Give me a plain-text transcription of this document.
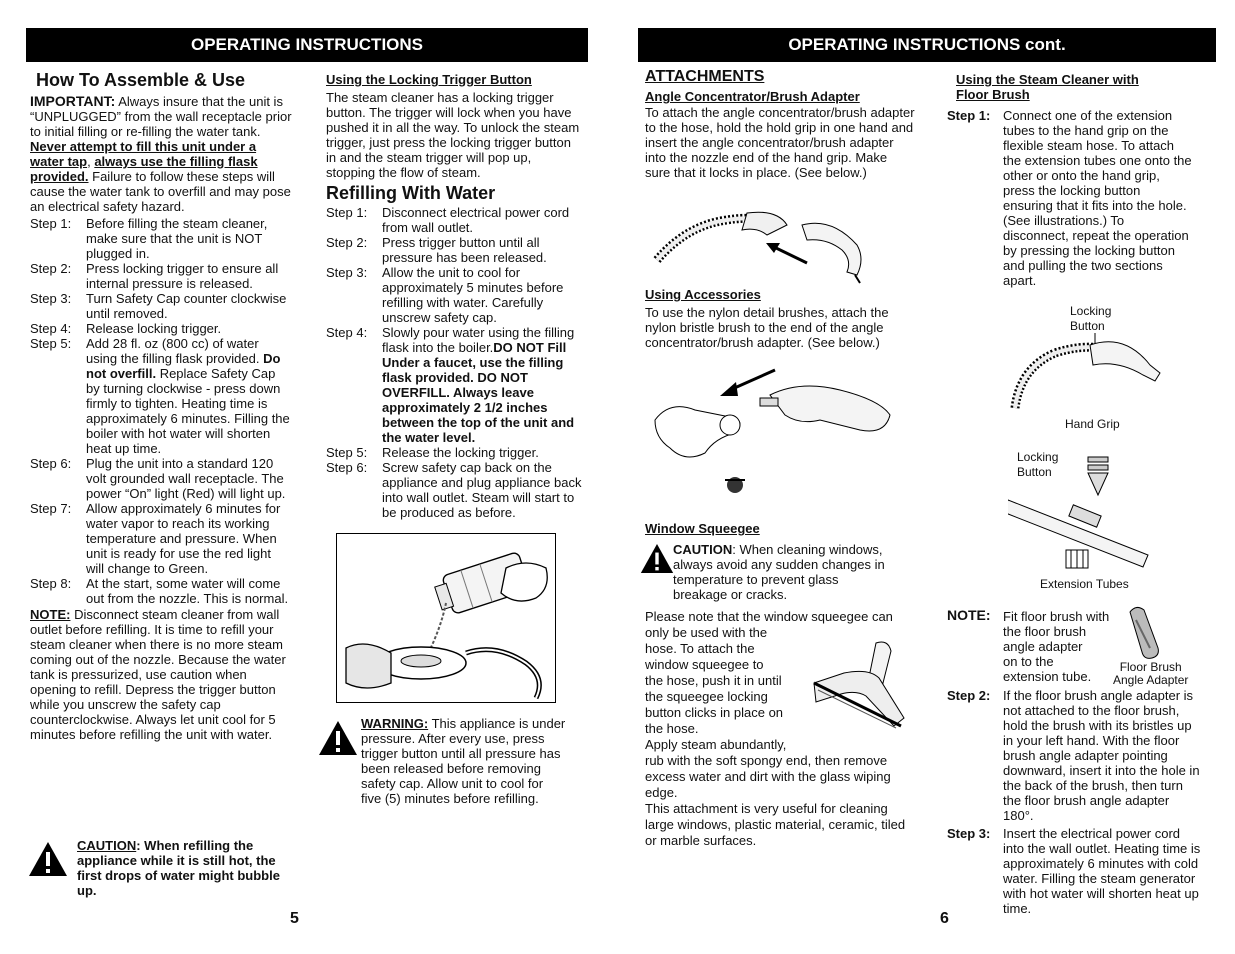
OPERATING INSTRUCTIONS
How To Assemble & Use

IMPORTANT: Always insure that the unit is “UNPLUGGED” from the wall receptacle prior to initial filling or re-filling the water tank. Never attempt to fill this unit under a water tap, always use the filling flask provided. Failure to follow these steps will cause the water tank to overfill and may pose an electrical safety hazard.

Step 1:	Before filling the steam cleaner, make sure that the unit is NOT plugged in.
Step 2:	Press locking trigger to ensure all internal pressure is released.
Step 3:	Turn Safety Cap counter clockwise until removed.
Step 4:	Release locking trigger.
Step 5:	Add 28 fl. oz (800 cc) of water using the filling flask provided. Do not overfill. Replace Safety Cap by turning clockwise - press down firmly to tighten. Heating time is approximately 6 minutes. Filling the boiler with hot water will shorten heat up time.
Step 6:	Plug the unit into a standard 120 volt grounded wall receptacle. The power “On” light (Red) will light up.
Step 7:	Allow approximately 6 minutes for water vapor to reach its working temperature and pressure. When unit is ready for use the red light will change to Green.
Step 8:	At the start, some water will come out from the nozzle. This is normal.

NOTE: Disconnect steam cleaner from wall outlet before refilling. It is time to refill your steam cleaner when there is no more steam coming out of the nozzle. Because the water tank is pressurized, use caution when opening to refill. Depress the trigger button while you unscrew the safety cap counterclockwise. Always let unit cool for 5 minutes before refilling the unit with water.

CAUTION: When refilling the appliance while it is still hot, the first drops of water might bubble up.
5
Using the Locking Trigger Button

The steam cleaner has a locking trigger button. The trigger will lock when you have pushed it in all the way. To unlock the steam trigger, just press the locking trigger button in and the steam trigger will pop up, stopping the flow of steam.

Refilling With Water
Step 1:	Disconnect electrical power cord from wall outlet.
Step 2:	Press trigger button until all pressure has been released.
Step 3:	Allow the unit to cool for approximately 5 minutes before refilling with water. Carefully unscrew safety cap.
Step 4:	Slowly pour water using the filling flask into the boiler.DO NOT Fill Under a faucet, use the filling flask provided. DO NOT OVERFILL. Always leave approximately 2 1/2 inches between the top of the unit and the water level.
Step 5:	Release the locking trigger.
Step 6:	Screw safety cap back on the appliance and plug appliance back into wall outlet. Steam will start to be produced as before.
WARNING: This appliance is under pressure. After every use, press trigger button until all pressure has been released before removing safety cap. Allow unit to cool for five (5) minutes before refilling.
OPERATING INSTRUCTIONS cont.
ATTACHMENTS
Angle Concentrator/Brush Adapter

To attach the angle concentrator/brush adapter to the hose, hold the hold grip in one hand and insert the angle concentrator/brush adapter into the nozzle end of the hand grip. Make sure that it locks in place. (See below.)

Using Accessories

To use the nylon detail brushes, attach the nylon bristle brush to the end of the angle concentrator/brush adapter. (See below.)

Window Squeegee
CAUTION: When cleaning windows, always avoid any sudden changes in temperature to prevent glass breakage or cracks.
Please note that the window squeegee can
only be used with the
hose. To attach the
window squeegee to
the hose, push it in until
the squeegee locking
button clicks in place on
the hose.
Apply steam abundantly,
rub with the soft spongy end, then remove excess water and dirt with the glass wiping edge.
This attachment is very useful for cleaning large windows, plastic material, ceramic, tiled or marble surfaces.
6
Using the Steam Cleaner with
Floor Brush
Step 1: Connect one of the extension tubes to the hand grip on the flexible steam hose. To attach the extension tubes one onto the other or onto the hand grip, press the locking button ensuring that it fits into the hole. (See illustrations.) To disconnect, repeat the operation by pressing the locking button and pulling the two sections apart.
Locking
Button
Hand Grip
Locking
Button
Extension Tubes
NOTE: Fit floor brush with
the floor brush
angle adapter
on to the
extension tube.
Floor Brush
Angle Adapter
Step 2: If the floor brush angle adapter is not attached to the floor brush, hold the brush with its bristles up in your left hand. With the floor brush angle adapter pointing downward, insert it into the hole in the back of the brush, then turn the floor brush angle adapter 180°.
Step 3: Insert the electrical power cord into the wall outlet. Heating time is approximately 6 minutes with cold water. Filling the steam generator with hot water will shorten heat up time.
